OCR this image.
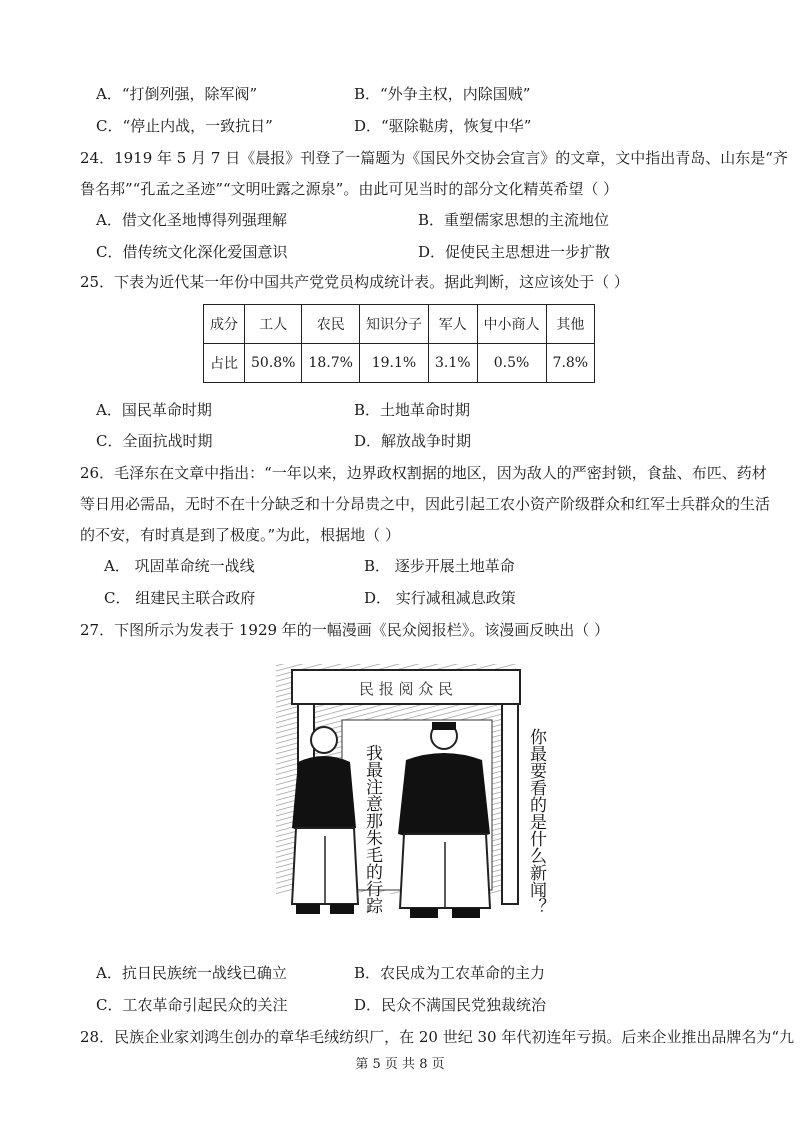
A．“打倒列强，除军阀”	B．“外争主权，内除国贼”
C．“停止内战，一致抗日”	D．“驱除鞑虏，恢复中华”
24．1919 年 5 月 7 日《晨报》刊登了一篇题为《国民外交协会宣言》的文章，文中指出青岛、山东是“齐
鲁名邦”“孔孟之圣迹”“文明吐露之源泉”。由此可见当时的部分文化精英希望（ ）
A．借文化圣地博得列强理解	B．重塑儒家思想的主流地位
C．借传统文化深化爱国意识	D．促使民主思想进一步扩散
25．下表为近代某一年份中国共产党党员构成统计表。据此判断，这应该处于（ ）
成分	工人	农民	知识分子	军人	中小商人	其他
占比	50.8%	18.7%	19.1%	3.1%	0.5%	7.8%
A．国民革命时期	B．土地革命时期
C．全面抗战时期	D．解放战争时期
26．毛泽东在文章中指出：“一年以来，边界政权割据的地区，因为敌人的严密封锁，食盐、布匹、药材
等日用必需品，无时不在十分缺乏和十分昂贵之中，因此引起工农小资产阶级群众和红军士兵群众的生活
的不安，有时真是到了极度。”为此，根据地（ ）
A． 巩固革命统一战线	B． 逐步开展土地革命
C． 组建民主联合政府	D． 实行减租减息政策
27．下图所示为发表于 1929 年的一幅漫画《民众阅报栏》。该漫画反映出（ ）
民 报 阅 众 民
我最注意那朱毛的行踪	你最要看的是什么新闻？
A．抗日民族统一战线已确立	B．农民成为工农革命的主力
C．工农革命引起民众的关注	D．民众不满国民党独裁统治
28．民族企业家刘鸿生创办的章华毛绒纺织厂，在 20 世纪 30 年代初连年亏损。后来企业推出品牌名为“九
第 5 页 共 8 页
